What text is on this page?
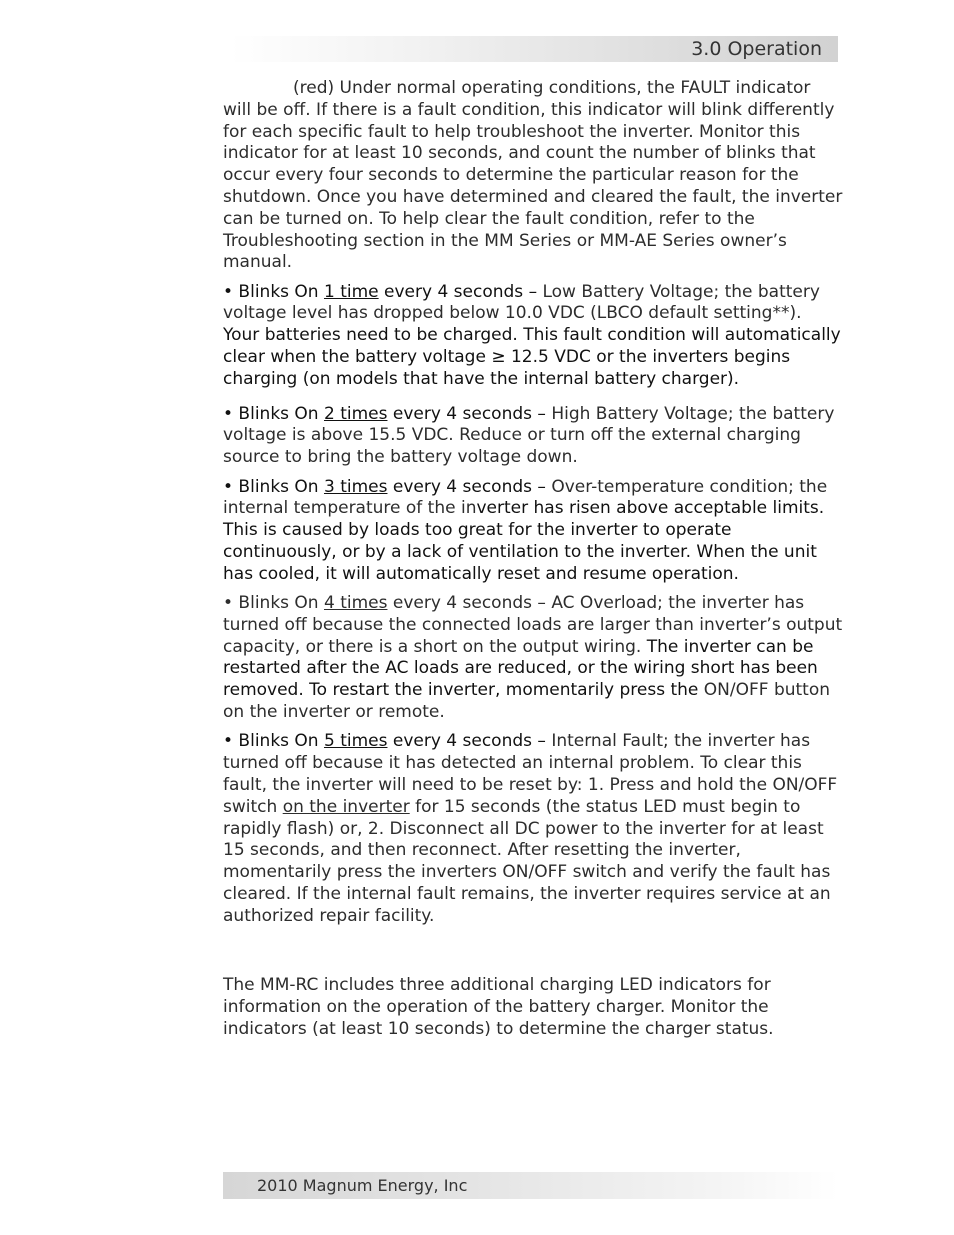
3.0 Operation

(red) Under normal operating conditions, the FAULT indicator will be off. If there is a fault condition, this indicator will blink differently for each specific fault to help troubleshoot the inverter. Monitor this indicator for at least 10 seconds, and count the number of blinks that occur every four seconds to determine the particular reason for the shutdown. Once you have determined and cleared the fault, the inverter can be turned on. To help clear the fault condition, refer to the Troubleshooting section in the MM Series or MM-AE Series owner’s manual.

• Blinks On 1 time every 4 seconds – Low Battery Voltage; the battery voltage level has dropped below 10.0 VDC (LBCO default setting**). Your batteries need to be charged. This fault condition will automatically clear when the battery voltage ≥ 12.5 VDC or the inverters begins charging (on models that have the internal battery charger).

• Blinks On 2 times every 4 seconds – High Battery Voltage; the battery voltage is above 15.5 VDC. Reduce or turn off the external charging source to bring the battery voltage down.

• Blinks On 3 times every 4 seconds – Over-temperature condition; the internal temperature of the inverter has risen above acceptable limits. This is caused by loads too great for the inverter to operate continuously, or by a lack of ventilation to the inverter. When the unit has cooled, it will automatically reset and resume operation.

• Blinks On 4 times every 4 seconds – AC Overload; the inverter has turned off because the connected loads are larger than inverter’s output capacity, or there is a short on the output wiring. The inverter can be restarted after the AC loads are reduced, or the wiring short has been removed. To restart the inverter, momentarily press the ON/OFF button on the inverter or remote.

• Blinks On 5 times every 4 seconds – Internal Fault; the inverter has turned off because it has detected an internal problem. To clear this fault, the inverter will need to be reset by: 1. Press and hold the ON/OFF switch on the inverter for 15 seconds (the status LED must begin to rapidly flash) or, 2. Disconnect all DC power to the inverter for at least 15 seconds, and then reconnect. After resetting the inverter, momentarily press the inverters ON/OFF switch and verify the fault has cleared. If the internal fault remains, the inverter requires service at an authorized repair facility.

The MM-RC includes three additional charging LED indicators for information on the operation of the battery charger. Monitor the indicators (at least 10 seconds) to determine the charger status.

2010 Magnum Energy, Inc
